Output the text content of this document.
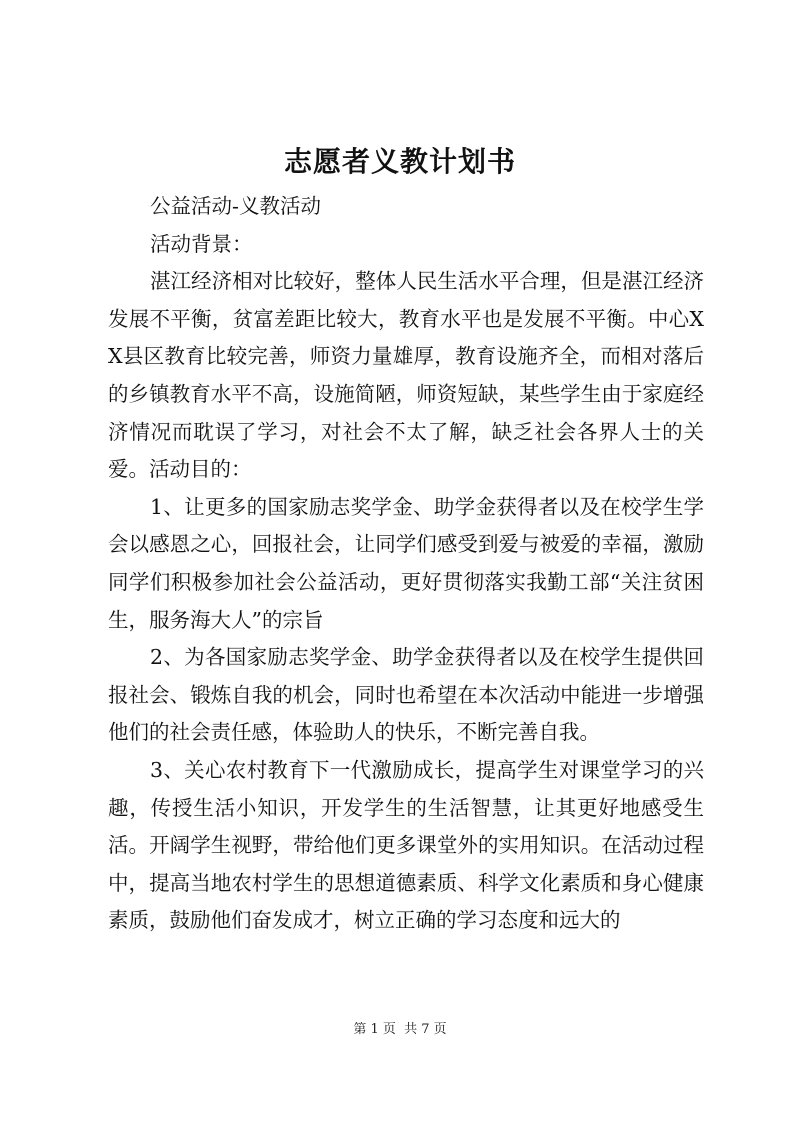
志愿者义教计划书

公益活动-义教活动

活动背景：

湛江经济相对比较好，整体人民生活水平合理，但是湛江经济发展不平衡，贫富差距比较大，教育水平也是发展不平衡。中心XX县区教育比较完善，师资力量雄厚，教育设施齐全，而相对落后的乡镇教育水平不高，设施简陋，师资短缺，某些学生由于家庭经济情况而耽误了学习，对社会不太了解，缺乏社会各界人士的关爱。活动目的：

1、让更多的国家励志奖学金、助学金获得者以及在校学生学会以感恩之心，回报社会，让同学们感受到爱与被爱的幸福，激励同学们积极参加社会公益活动，更好贯彻落实我勤工部“关注贫困生，服务海大人”的宗旨

2、为各国家励志奖学金、助学金获得者以及在校学生提供回报社会、锻炼自我的机会，同时也希望在本次活动中能进一步增强他们的社会责任感，体验助人的快乐，不断完善自我。

3、关心农村教育下一代激励成长，提高学生对课堂学习的兴趣，传授生活小知识，开发学生的生活智慧，让其更好地感受生活。开阔学生视野，带给他们更多课堂外的实用知识。在活动过程中，提高当地农村学生的思想道德素质、科学文化素质和身心健康素质，鼓励他们奋发成才，树立正确的学习态度和远大的

第 1 页  共 7 页
